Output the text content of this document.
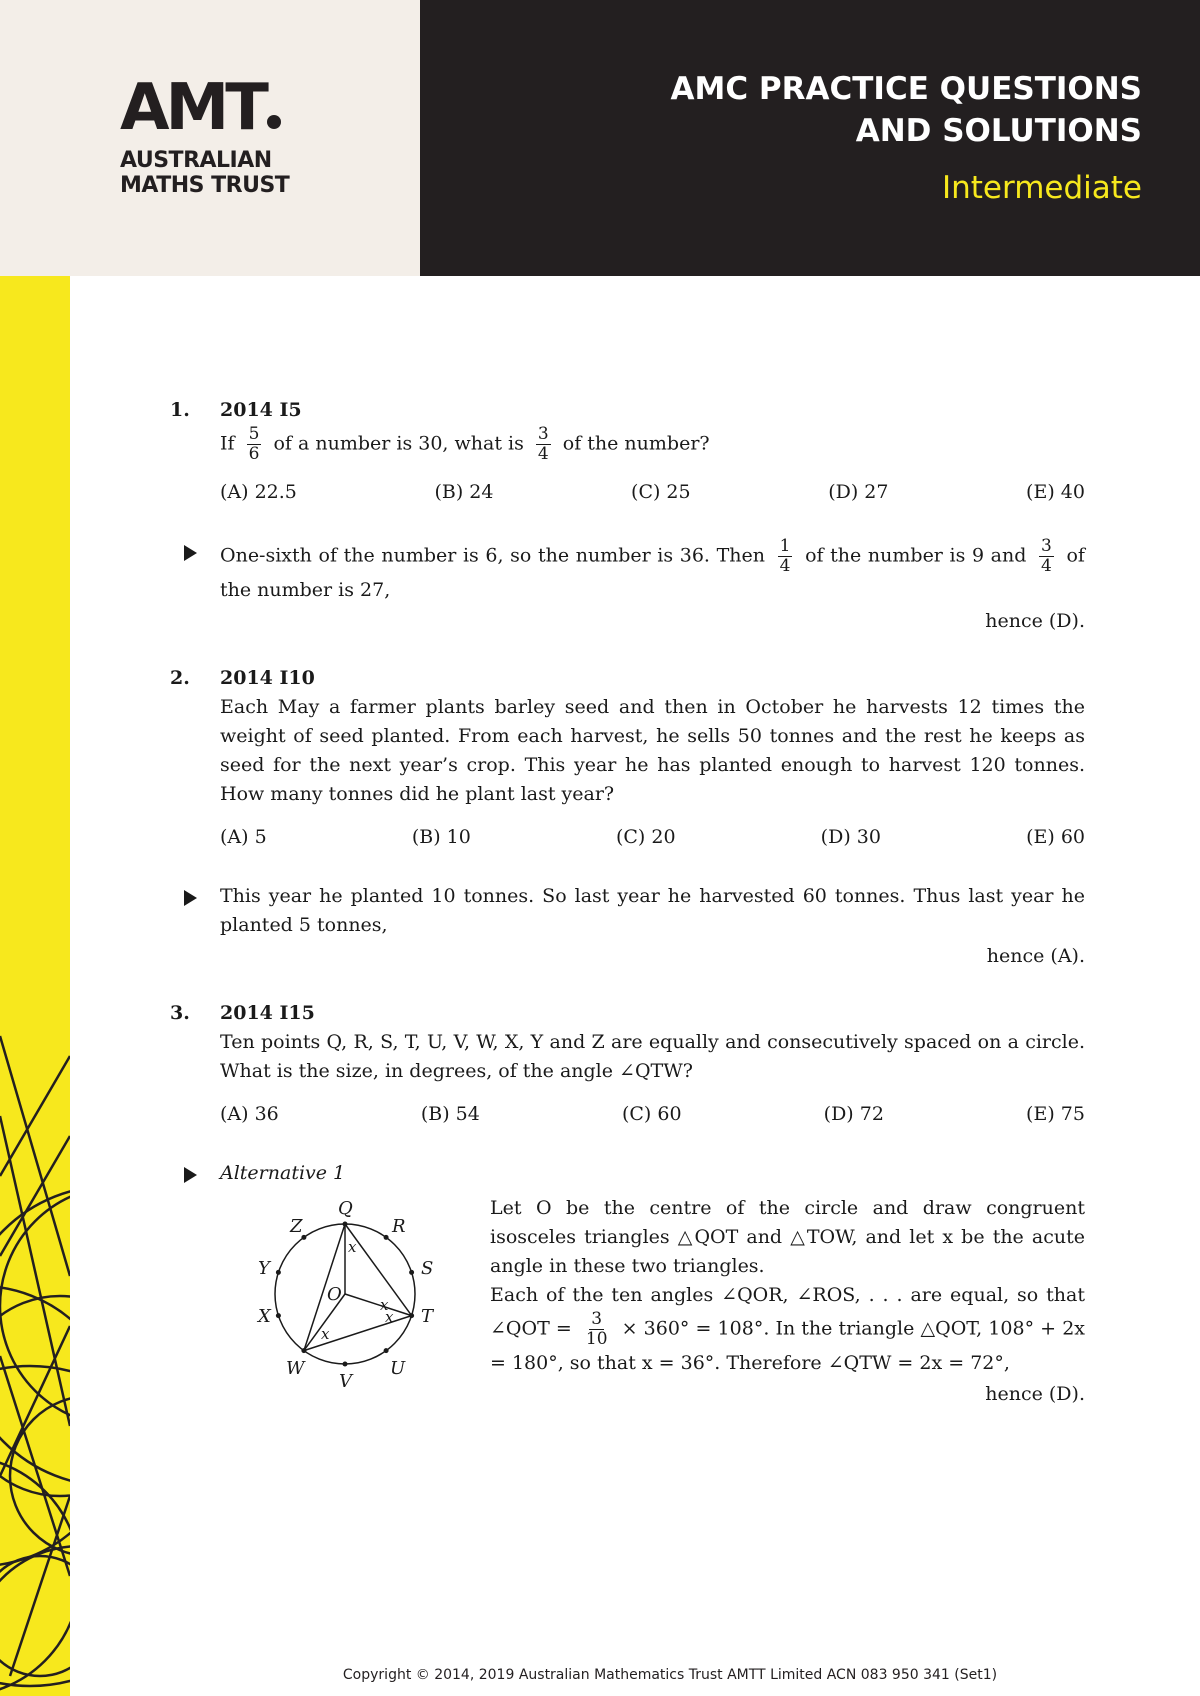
AMT
AUSTRALIAN
MATHS TRUST
AMC PRACTICE QUESTIONS
AND SOLUTIONS
Intermediate
1. 2014 I5
If $\frac{5}{6}$ of a number is 30, what is $\frac{3}{4}$ of the number?
(A) 22.5	(B) 24	(C) 25	(D) 27	(E) 40
One-sixth of the number is 6, so the number is 36. Then $\frac{1}{4}$ of the number is 9 and $\frac{3}{4}$ of the number is 27,
hence (D).
2. 2014 I10
Each May a farmer plants barley seed and then in October he harvests 12 times the weight of seed planted. From each harvest, he sells 50 tonnes and the rest he keeps as seed for the next year’s crop. This year he has planted enough to harvest 120 tonnes. How many tonnes did he plant last year?
(A) 5	(B) 10	(C) 20	(D) 30	(E) 60
This year he planted 10 tonnes. So last year he harvested 60 tonnes. Thus last year he planted 5 tonnes,
hence (A).
3. 2014 I15
Ten points Q, R, S, T, U, V, W, X, Y and Z are equally and consecutively spaced on a circle. What is the size, in degrees, of the angle ∠QTW?
(A) 36	(B) 54	(C) 60	(D) 72	(E) 75
Alternative 1
Q
R
S
T
U
V
W
X
Y
Z
O
x
x
x
x
Let O be the centre of the circle and draw congruent isosceles triangles △QOT and △TOW, and let x be the acute angle in these two triangles.
Each of the ten angles ∠QOR, ∠ROS, . . . are equal, so that ∠QOT = $\frac{3}{10} \times 360^\circ = 108^\circ$. In the triangle △QOT, 108° + 2x = 180°, so that x = 36°. Therefore ∠QTW = 2x = 72°,
hence (D).
Copyright © 2014, 2019 Australian Mathematics Trust AMTT Limited ACN 083 950 341 (Set1)
